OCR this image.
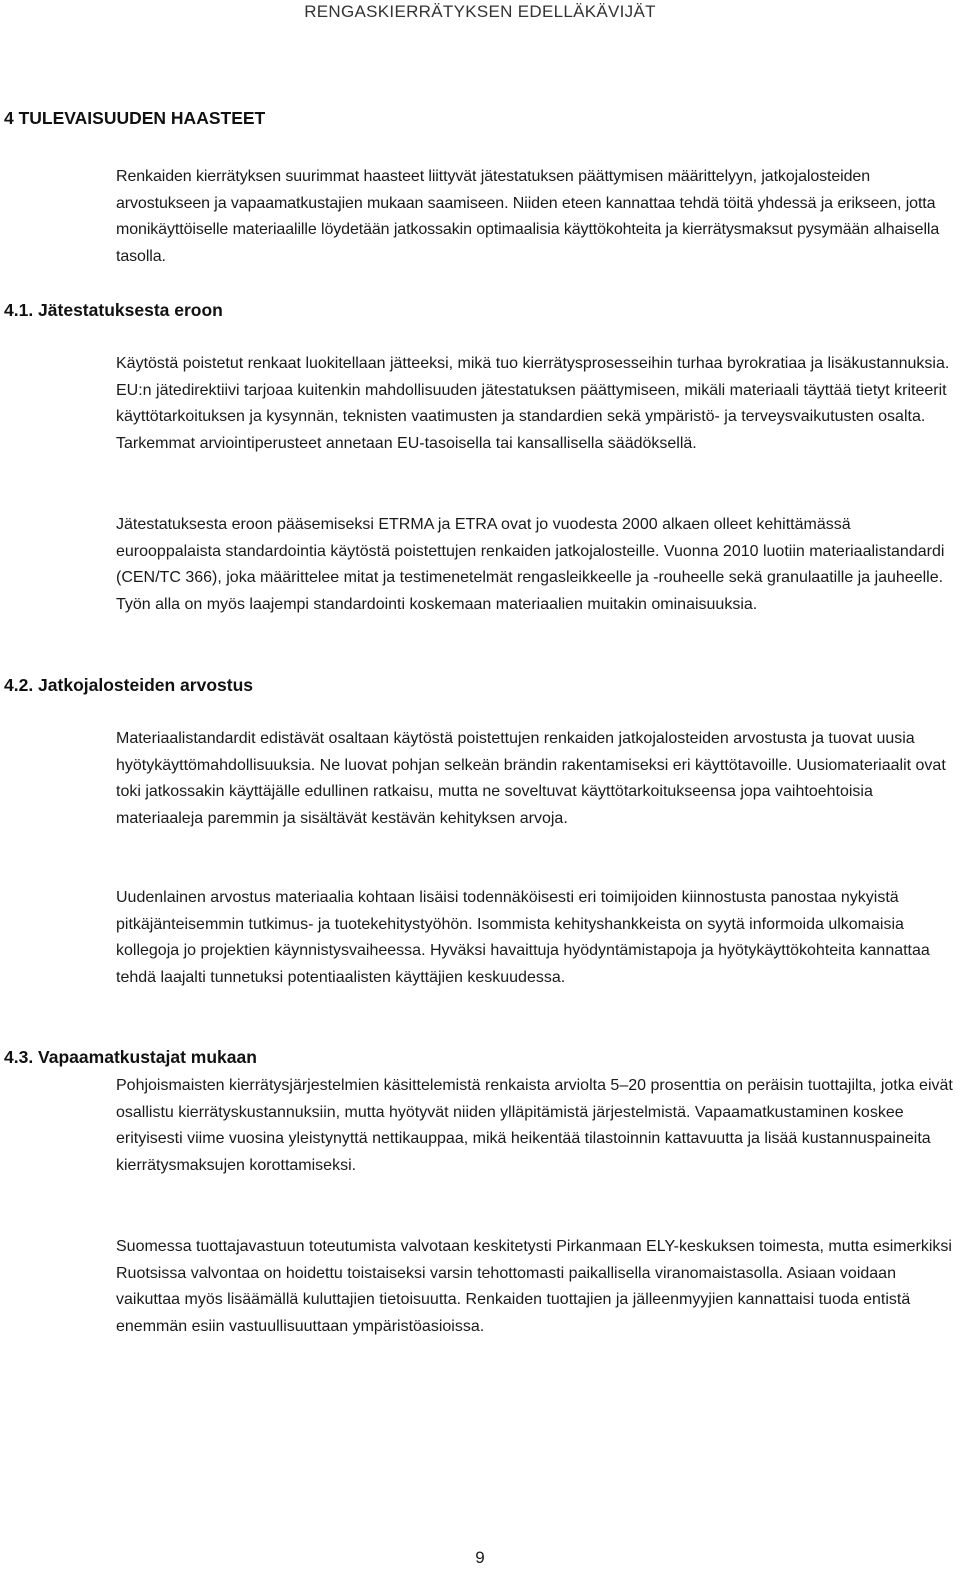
RENGASKIERRÄTYKSEN EDELLÄKÄVIJÄT
4 TULEVAISUUDEN HAASTEET

Renkaiden kierrätyksen suurimmat haasteet liittyvät jätestatuksen päättymisen määrittelyyn, jatkojalosteiden arvostukseen ja vapaamatkustajien mukaan saamiseen. Niiden eteen kannattaa tehdä töitä yhdessä ja erikseen, jotta monikäyttöiselle materiaalille löydetään jatkossakin optimaalisia käyttökohteita ja kierrätysmaksut pysymään alhaisella tasolla.

4.1. Jätestatuksesta eroon

Käytöstä poistetut renkaat luokitellaan jätteeksi, mikä tuo kierrätysprosesseihin turhaa byrokratiaa ja lisäkustannuksia. EU:n jätedirektiivi tarjoaa kuitenkin mahdollisuuden jätestatuksen päättymiseen, mikäli materiaali täyttää tietyt kriteerit käyttötarkoituksen ja kysynnän, teknisten vaatimusten ja standardien sekä ympäristö- ja terveysvaikutusten osalta. Tarkemmat arviointiperusteet annetaan EU-tasoisella tai kansallisella säädöksellä.

Jätestatuksesta eroon pääsemiseksi ETRMA ja ETRA ovat jo vuodesta 2000 alkaen olleet kehittämässä eurooppalaista standardointia käytöstä poistettujen renkaiden jatkojalosteille. Vuonna 2010 luotiin materiaalistandardi (CEN/TC 366), joka määrittelee mitat ja testimenetelmät rengasleikkeelle ja -rouheelle sekä granulaatille ja jauheelle. Työn alla on myös laajempi standardointi koskemaan materiaalien muitakin ominaisuuksia.

4.2. Jatkojalosteiden arvostus

Materiaalistandardit edistävät osaltaan käytöstä poistettujen renkaiden jatkojalosteiden arvostusta ja tuovat uusia hyötykäyttömahdollisuuksia. Ne luovat pohjan selkeän brändin rakentamiseksi eri käyttötavoille. Uusiomateriaalit ovat toki jatkossakin käyttäjälle edullinen ratkaisu, mutta ne soveltuvat käyttötarkoitukseensa jopa vaihtoehtoisia materiaaleja paremmin ja sisältävät kestävän kehityksen arvoja.

Uudenlainen arvostus materiaalia kohtaan lisäisi todennäköisesti eri toimijoiden kiinnostusta panostaa nykyistä pitkäjänteisemmin tutkimus- ja tuotekehitystyöhön. Isommista kehityshankkeista on syytä informoida ulkomaisia kollegoja jo projektien käynnistysvaiheessa. Hyväksi havaittuja hyödyntämistapoja ja hyötykäyttökohteita kannattaa tehdä laajalti tunnetuksi potentiaalisten käyttäjien keskuudessa.

4.3. Vapaamatkustajat mukaan

Pohjoismaisten kierrätysjärjestelmien käsittelemistä renkaista arviolta 5–20 prosenttia on peräisin tuottajilta, jotka eivät osallistu kierrätyskustannuksiin, mutta hyötyvät niiden ylläpitämistä järjestelmistä. Vapaamatkustaminen koskee erityisesti viime vuosina yleistynyttä nettikauppaa, mikä heikentää tilastoinnin kattavuutta ja lisää kustannuspaineita kierrätysmaksujen korottamiseksi.

Suomessa tuottajavastuun toteutumista valvotaan keskitetysti Pirkanmaan ELY-keskuksen toimesta, mutta esimerkiksi Ruotsissa valvontaa on hoidettu toistaiseksi varsin tehottomasti paikallisella viranomaistasolla. Asiaan voidaan vaikuttaa myös lisäämällä kuluttajien tietoisuutta. Renkaiden tuottajien ja jälleenmyyjien kannattaisi tuoda entistä enemmän esiin vastuullisuuttaan ympäristöasioissa.

9
